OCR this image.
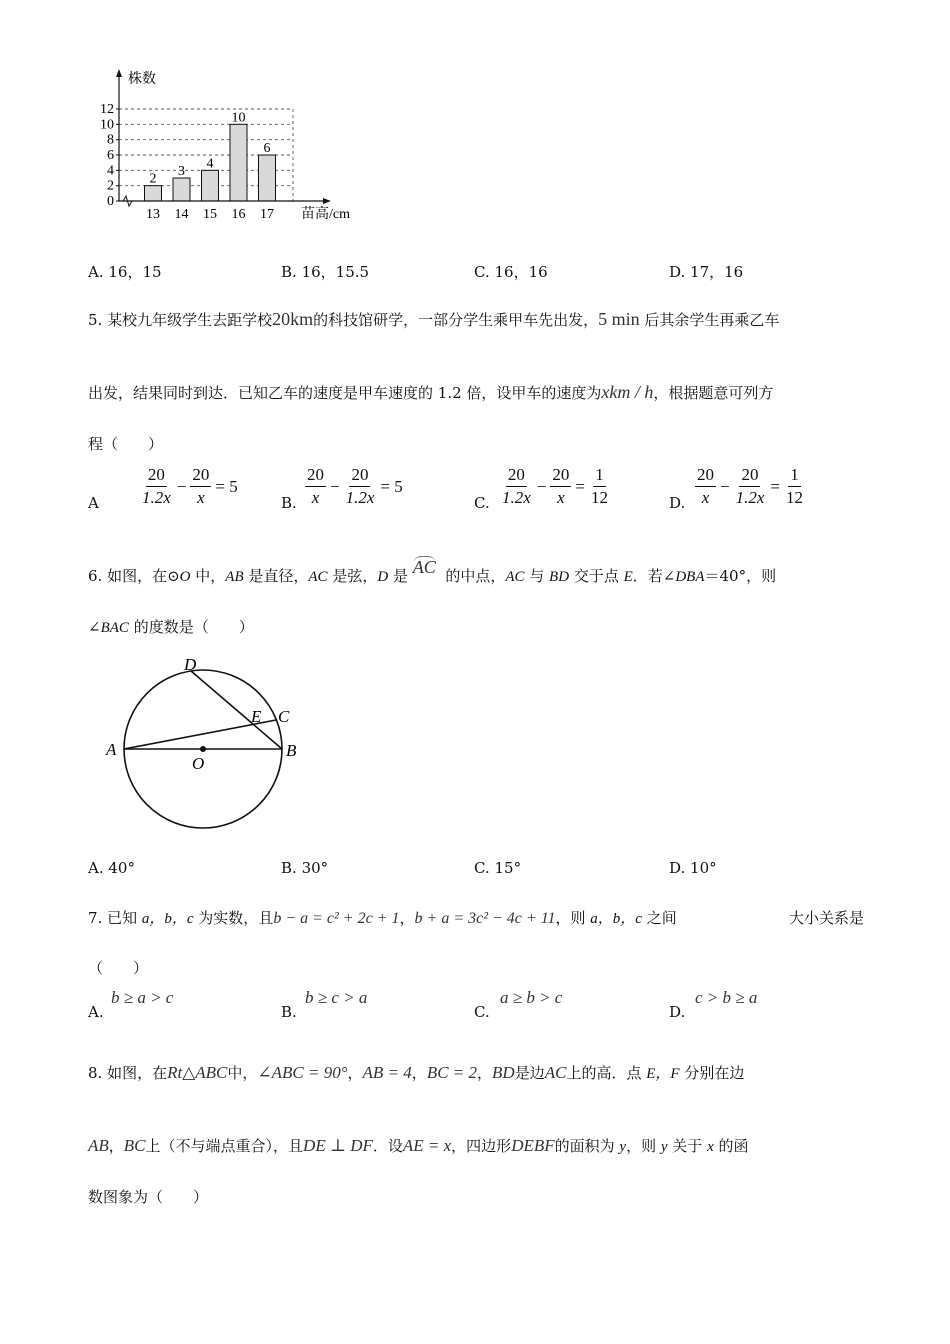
2
3
4
10
6
0
2
4
6
8
10
12
13 14 15 16 17
株数
苗高/cm
A. 16，15	B. 16，15.5	C. 16，16	D. 17，16
5. 某校九年级学生去距学校20km的科技馆研学，一部分学生乘甲车先出发，5 min 后其余学生再乘乙车
出发，结果同时到达．已知乙车的速度是甲车速度的 1.2 倍，设甲车的速度为xkm / h，根据题意可列方
程（　　）
A $\frac{20}{1.2x} - \frac{20}{x} = 5$
B. $\frac{20}{x} - \frac{20}{1.2x} = 5$
C. $\frac{20}{1.2x} - \frac{20}{x} = \frac{1}{12}$	D. $\frac{20}{x} - \frac{20}{1.2x} = \frac{1}{12}$
6. 如图，在⊙O 中，AB 是直径，AC 是弦，D 是 AC  的中点，AC 与 BD 交于点 E．若∠DBA＝40°，则
∠BAC 的度数是（　　）
D
E C
A
O
B
A. 40°	B. 30°	C. 15°	D. 10°
7. 已知 a，b，c 为实数，且b − a = c² + 2c + 1，b + a = 3c² − 4c + 11，则 a，b，c 之间	大小关系是
（　　）
A.
b ≥ a > c
B.
b ≥ c > a
C.
a ≥ b > c
D.
c > b ≥ a
8. 如图，在Rt△ABC中，∠ABC = 90°，AB = 4，BC = 2，BD是边AC上的高．点 E，F 分别在边
AB，BC上（不与端点重合），且DE ⊥ DF．设AE = x，四边形DEBF的面积为 y，则 y 关于 x 的函
数图象为（　　）
